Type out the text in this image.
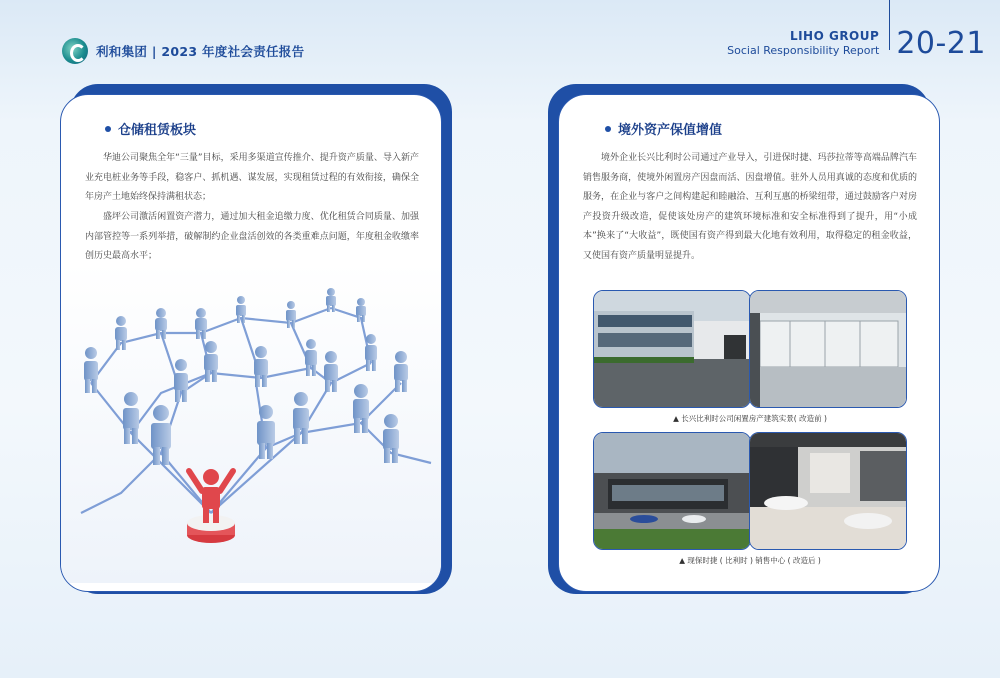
利和集团 | 2023 年度社会责任报告
LIHO GROUP
Social Responsibility Report 20-21
仓储租赁板块

华迪公司聚焦全年“三量”目标，采用多渠道宣传推介、提升资产质量、导入新产业充电桩业务等手段，稳客户、抓机遇、谋发展，实现租赁过程的有效衔接，确保全年房产土地始终保持满租状态；

盛坪公司激活闲置资产潜力，通过加大租金追缴力度、优化租赁合同质量、加强内部管控等一系列举措，破解制约企业盘活创效的各类重难点问题，年度租金收缴率创历史最高水平；

境外资产保值增值

境外企业长兴比利时公司通过产业导入，引进保时捷、玛莎拉蒂等高端品牌汽车销售服务商，使境外闲置房产因盘而活、因盘增值。驻外人员用真诚的态度和优质的服务，在企业与客户之间构建起和睦融洽、互利互惠的桥梁纽带，通过鼓励客户对房产投资升级改造，促使该处房产的建筑环境标准和安全标准得到了提升，用“小成本”换来了“大收益”，既使国有资产得到最大化地有效利用，取得稳定的租金收益，又使国有资产质量明显提升。

▲ 长兴比利时公司闲置房产建筑实景( 改造前 )
▲ 现保时捷 ( 比利时 ) 销售中心 ( 改造后 )
